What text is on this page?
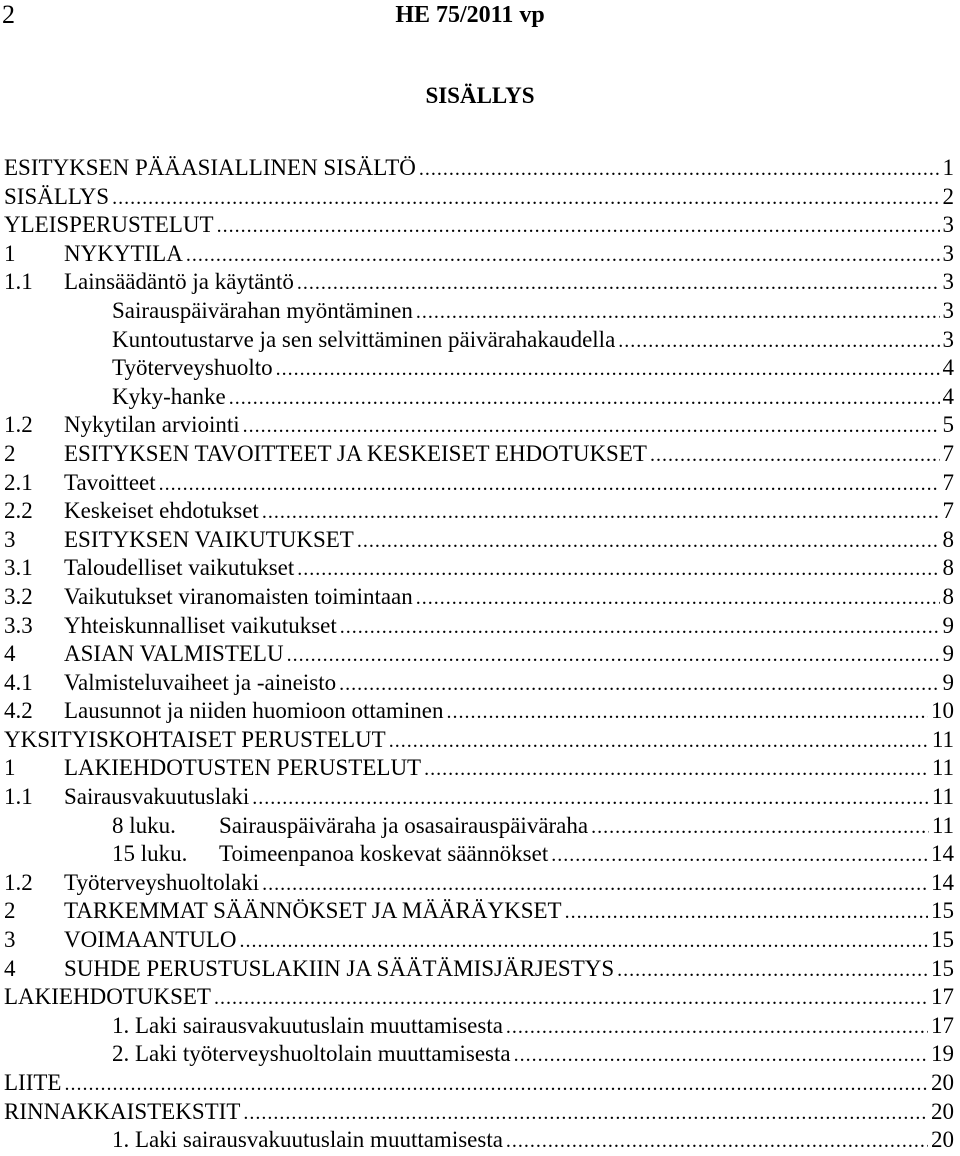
2	HE 75/2011 vp
SISÄLLYS
ESITYKSEN PÄÄASIALLINEN SISÄLTÖ . . .	1
SISÄLLYS . . .	2
YLEISPERUSTELUT . . .	3
1 NYKYTILA . . .	3
1.1 Lainsäädäntö ja käytäntö . . .	3
Sairauspäivärahan myöntäminen . . .	3
Kuntoutustarve ja sen selvittäminen päivärahakaudella . . .	3
Työterveyshuolto . . .	4
Kyky-hanke . . .	4
1.2 Nykytilan arviointi . . .	5
2 ESITYKSEN TAVOITTEET JA KESKEISET EHDOTUKSET . . .	7
2.1 Tavoitteet . . .	7
2.2 Keskeiset ehdotukset . . .	7
3 ESITYKSEN VAIKUTUKSET . . .	8
3.1 Taloudelliset vaikutukset . . .	8
3.2 Vaikutukset viranomaisten toimintaan . . .	8
3.3 Yhteiskunnalliset vaikutukset . . .	9
4 ASIAN VALMISTELU . . .	9
4.1 Valmisteluvaiheet ja -aineisto . . .	9
4.2 Lausunnot ja niiden huomioon ottaminen . . .	10
YKSITYISKOHTAISET PERUSTELUT . . .	11
1 LAKIEHDOTUSTEN PERUSTELUT . . .	11
1.1 Sairausvakuutuslaki . . .	11
8 luku. Sairauspäiväraha ja osasairauspäiväraha . . .	11
15 luku. Toimeenpanoa koskevat säännökset . . .	14
1.2 Työterveyshuoltolaki . . .	14
2 TARKEMMAT SÄÄNNÖKSET JA MÄÄRÄYKSET . . .	15
3 VOIMAANTULO . . .	15
4 SUHDE PERUSTUSLAKIIN JA SÄÄTÄMISJÄRJESTYS . . .	15
LAKIEHDOTUKSET . . .	17
1. Laki sairausvakuutuslain muuttamisesta . . .	17
2. Laki työterveyshuoltolain muuttamisesta . . .	19
LIITE . . .	20
RINNAKKAISTEKSTIT . . .	20
1. Laki sairausvakuutuslain muuttamisesta . . .	20
